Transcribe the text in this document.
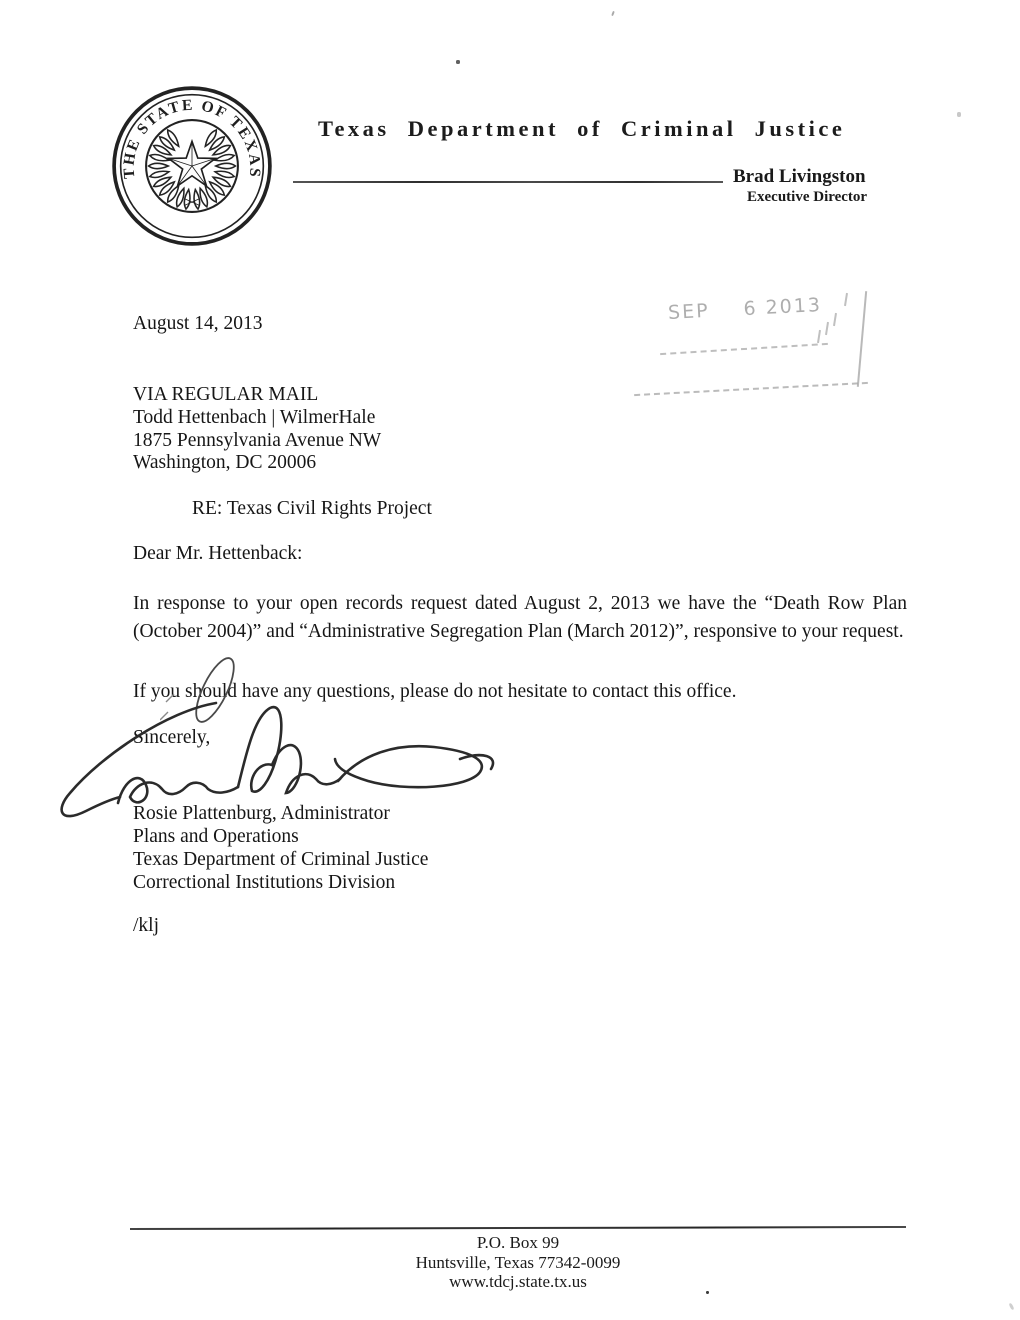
THE STATE OF TEXAS
Texas Department of Criminal Justice
Brad Livingston
Executive Director
SEP 6 2013
August 14, 2013
VIA REGULAR MAIL
Todd Hettenbach | WilmerHale
1875 Pennsylvania Avenue NW
Washington, DC 20006
RE: Texas Civil Rights Project
Dear Mr. Hettenback:
In response to your open records request dated August 2, 2013 we have the “Death Row Plan (October 2004)” and “Administrative Segregation Plan (March 2012)”, responsive to your request.
If you should have any questions, please do not hesitate to contact this office.
Sincerely,
Rosie Plattenburg, Administrator
Plans and Operations
Texas Department of Criminal Justice
Correctional Institutions Division
/klj
P.O. Box 99
Huntsville, Texas 77342-0099
www.tdcj.state.tx.us
